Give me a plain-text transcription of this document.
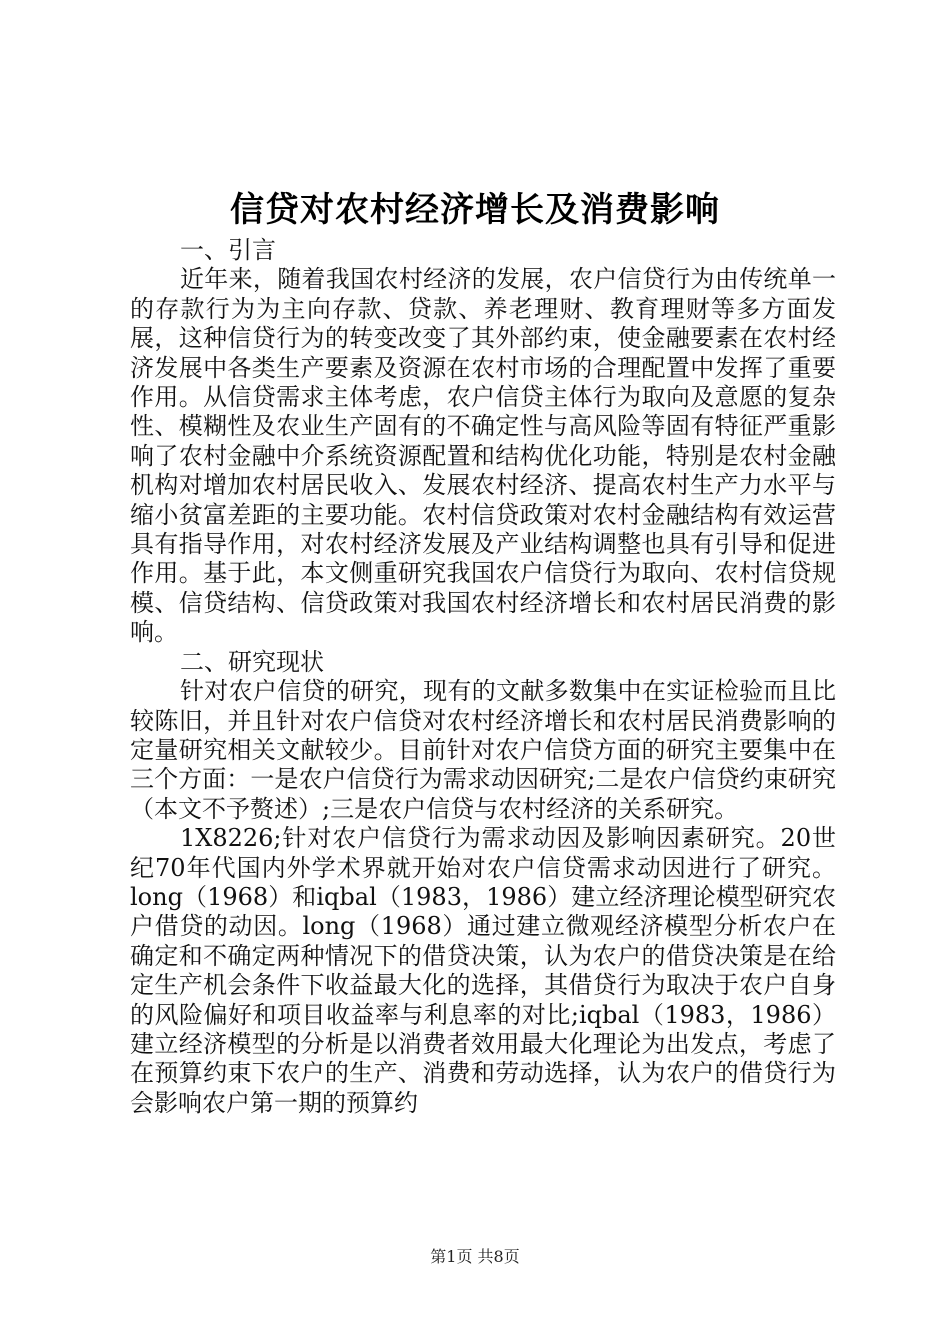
信贷对农村经济增长及消费影响

一、引言

近年来，随着我国农村经济的发展，农户信贷行为由传统单一的存款行为为主向存款、贷款、养老理财、教育理财等多方面发展，这种信贷行为的转变改变了其外部约束，使金融要素在农村经济发展中各类生产要素及资源在农村市场的合理配置中发挥了重要作用。从信贷需求主体考虑，农户信贷主体行为取向及意愿的复杂性、模糊性及农业生产固有的不确定性与高风险等固有特征严重影响了农村金融中介系统资源配置和结构优化功能，特别是农村金融机构对增加农村居民收入、发展农村经济、提高农村生产力水平与缩小贫富差距的主要功能。农村信贷政策对农村金融结构有效运营具有指导作用，对农村经济发展及产业结构调整也具有引导和促进作用。基于此，本文侧重研究我国农户信贷行为取向、农村信贷规模、信贷结构、信贷政策对我国农村经济增长和农村居民消费的影响。

二、研究现状

针对农户信贷的研究，现有的文献多数集中在实证检验而且比较陈旧，并且针对农户信贷对农村经济增长和农村居民消费影响的定量研究相关文献较少。目前针对农户信贷方面的研究主要集中在三个方面：一是农户信贷行为需求动因研究;二是农户信贷约束研究（本文不予赘述）;三是农户信贷与农村经济的关系研究。

1X8226;针对农户信贷行为需求动因及影响因素研究。20世纪70年代国内外学术界就开始对农户信贷需求动因进行了研究。long（1968）和iqbal（1983，1986）建立经济理论模型研究农户借贷的动因。long（1968）通过建立微观经济模型分析农户在确定和不确定两种情况下的借贷决策，认为农户的借贷决策是在给定生产机会条件下收益最大化的选择，其借贷行为取决于农户自身的风险偏好和项目收益率与利息率的对比;iqbal（1983，1986）建立经济模型的分析是以消费者效用最大化理论为出发点，考虑了在预算约束下农户的生产、消费和劳动选择，认为农户的借贷行为会影响农户第一期的预算约

第1页 共8页
